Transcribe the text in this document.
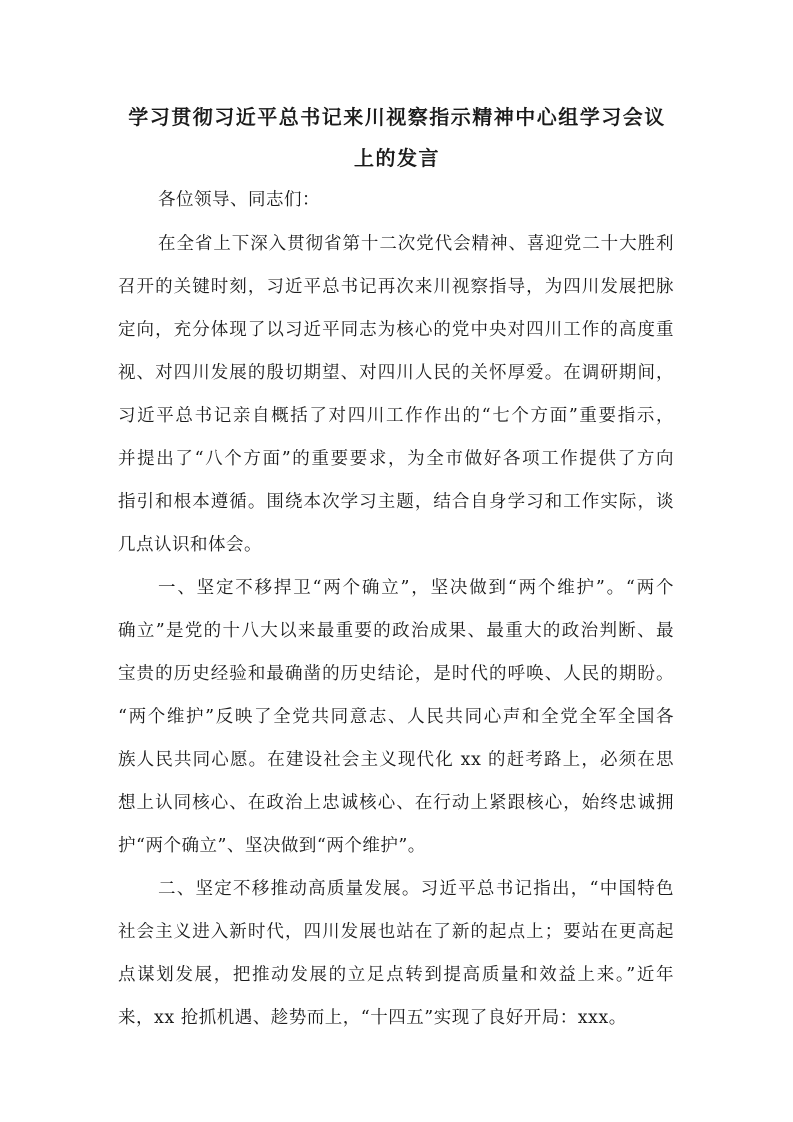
学习贯彻习近平总书记来川视察指示精神中心组学习会议
上的发言

各位领导、同志们：

在全省上下深入贯彻省第十二次党代会精神、喜迎党二十大胜利

召开的关键时刻，习近平总书记再次来川视察指导，为四川发展把脉

定向，充分体现了以习近平同志为核心的党中央对四川工作的高度重

视、对四川发展的殷切期望、对四川人民的关怀厚爱。在调研期间，

习近平总书记亲自概括了对四川工作作出的“七个方面”重要指示，

并提出了“八个方面”的重要要求，为全市做好各项工作提供了方向

指引和根本遵循。围绕本次学习主题，结合自身学习和工作实际，谈

几点认识和体会。

一、坚定不移捍卫“两个确立”，坚决做到“两个维护”。“两个

确立”是党的十八大以来最重要的政治成果、最重大的政治判断、最

宝贵的历史经验和最确凿的历史结论，是时代的呼唤、人民的期盼。

“两个维护”反映了全党共同意志、人民共同心声和全党全军全国各

族人民共同心愿。在建设社会主义现代化 xx 的赶考路上，必须在思

想上认同核心、在政治上忠诚核心、在行动上紧跟核心，始终忠诚拥

护“两个确立”、坚决做到“两个维护”。

二、坚定不移推动高质量发展。习近平总书记指出，“中国特色

社会主义进入新时代，四川发展也站在了新的起点上；要站在更高起

点谋划发展，把推动发展的立足点转到提高质量和效益上来。”近年

来，xx 抢抓机遇、趁势而上，“十四五”实现了良好开局：xxx。
